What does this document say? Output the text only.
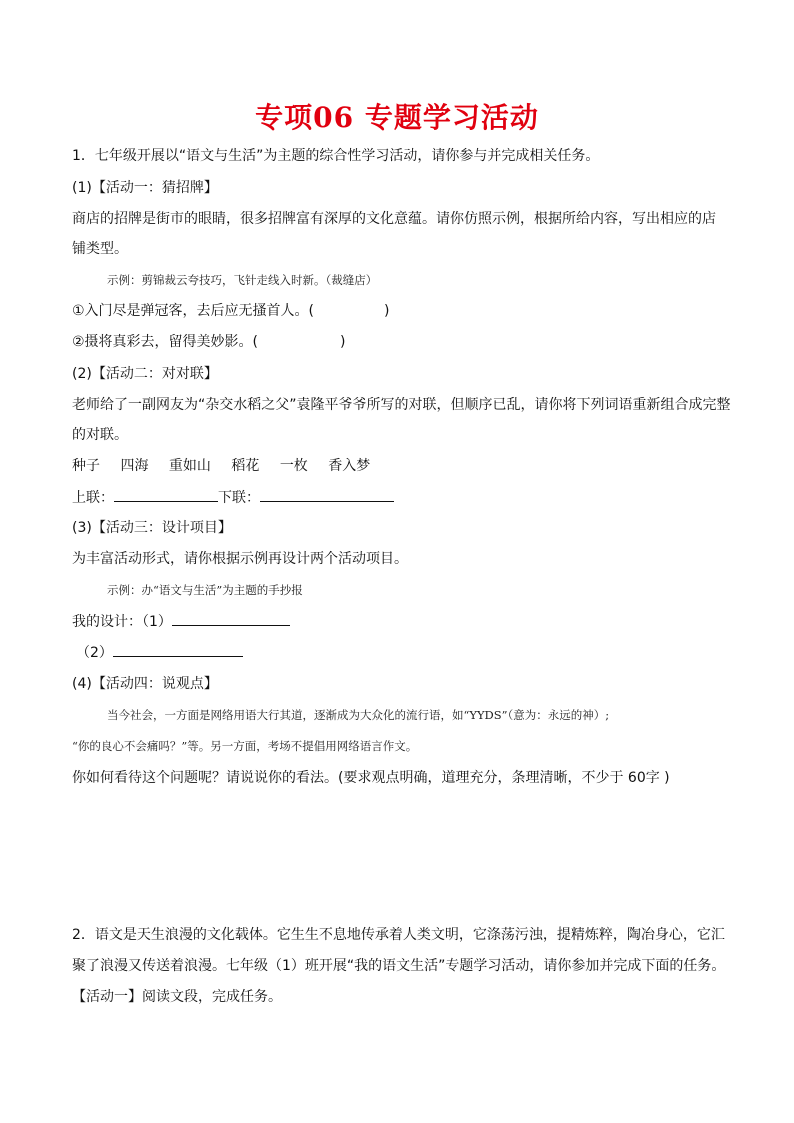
专项06 专题学习活动
1．七年级开展以“语文与生活”为主题的综合性学习活动，请你参与并完成相关任务。
(1)【活动一：猜招牌】
商店的招牌是街市的眼睛，很多招牌富有深厚的文化意蕴。请你仿照示例，根据所给内容，写出相应的店
铺类型。
示例：剪锦裁云夸技巧，飞针走线入时新。（裁缝店）
①入门尽是弹冠客，去后应无搔首人。(	)
②摄将真彩去，留得美妙影。(	)
(2)【活动二：对对联】
老师给了一副网友为“杂交水稻之父”袁隆平爷爷所写的对联，但顺序已乱，请你将下列词语重新组合成完整
的对联。
种子 四海 重如山 稻花 一枚 香入梦
上联：	下联：
(3)【活动三：设计项目】
为丰富活动形式，请你根据示例再设计两个活动项目。
示例：办“语文与生活”为主题的手抄报
我的设计：（1）
（2）
(4)【活动四：说观点】
当今社会，一方面是网络用语大行其道，逐渐成为大众化的流行语，如“YYDS”（意为：永远的神）;
“你的良心不会痛吗？”等。另一方面，考场不提倡用网络语言作文。
你如何看待这个问题呢？请说说你的看法。(要求观点明确，道理充分，条理清晰，不少于 60字 )
2．语文是天生浪漫的文化载体。它生生不息地传承着人类文明，它涤荡污浊，提精炼粹，陶冶身心，它汇
聚了浪漫又传送着浪漫。七年级（1）班开展“我的语文生活”专题学习活动，请你参加并完成下面的任务。
【活动一】阅读文段，完成任务。
